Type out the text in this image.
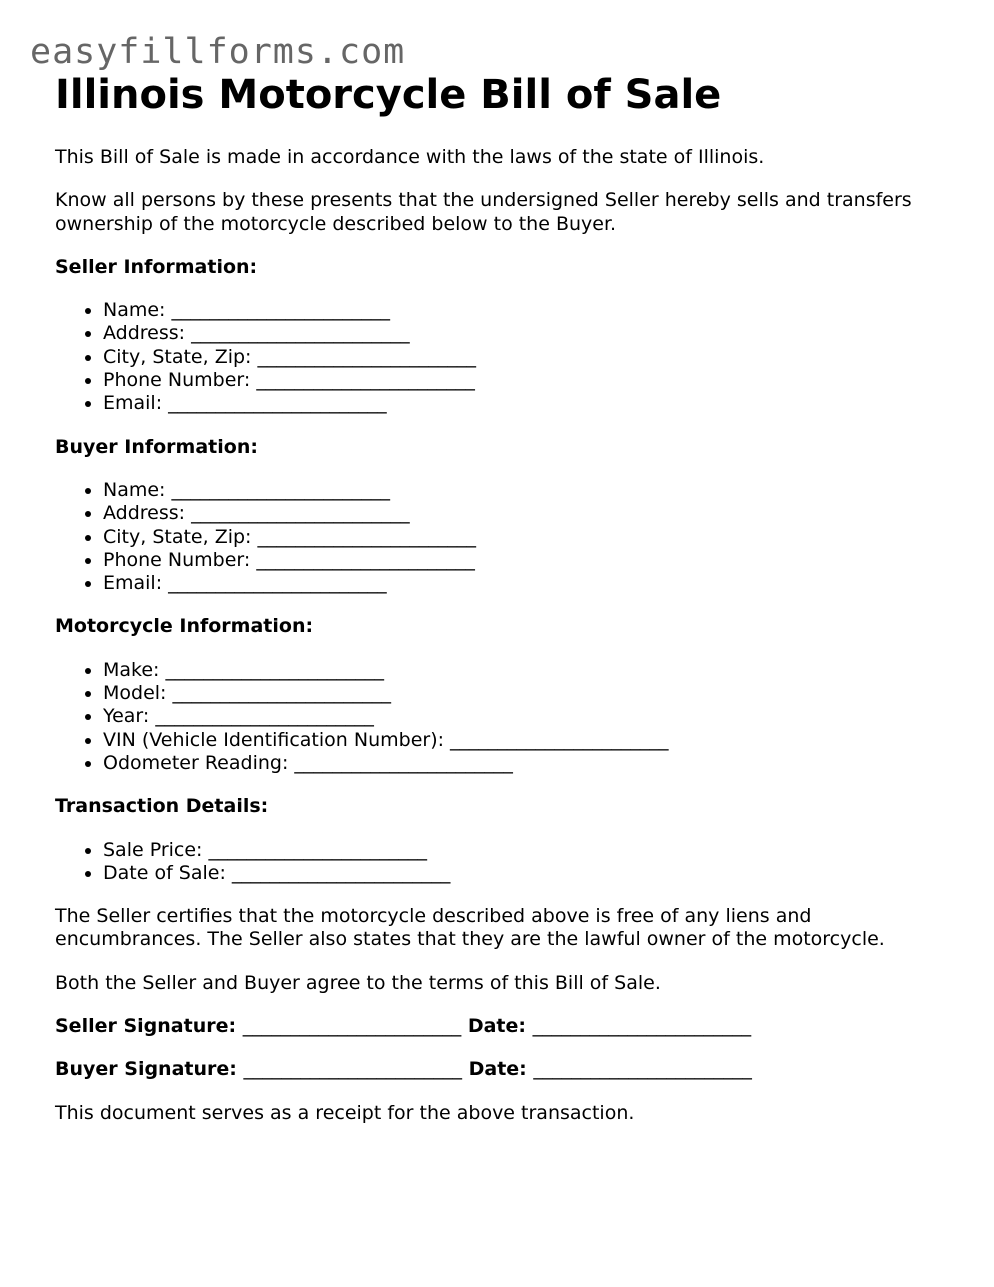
easyfillforms.com
Illinois Motorcycle Bill of Sale

This Bill of Sale is made in accordance with the laws of the state of Illinois.

Know all persons by these presents that the undersigned Seller hereby sells and transfers ownership of the motorcycle described below to the Buyer.

Seller Information:

• Name: _______________________
• Address: _______________________
• City, State, Zip: _______________________
• Phone Number: _______________________
• Email: _______________________

Buyer Information:

• Name: _______________________
• Address: _______________________
• City, State, Zip: _______________________
• Phone Number: _______________________
• Email: _______________________

Motorcycle Information:

• Make: _______________________
• Model: _______________________
• Year: _______________________
• VIN (Vehicle Identification Number): _______________________
• Odometer Reading: _______________________

Transaction Details:

• Sale Price: _______________________
• Date of Sale: _______________________

The Seller certifies that the motorcycle described above is free of any liens and encumbrances. The Seller also states that they are the lawful owner of the motorcycle.

Both the Seller and Buyer agree to the terms of this Bill of Sale.

Seller Signature: _______________________ Date: _______________________

Buyer Signature: _______________________ Date: _______________________

This document serves as a receipt for the above transaction.
